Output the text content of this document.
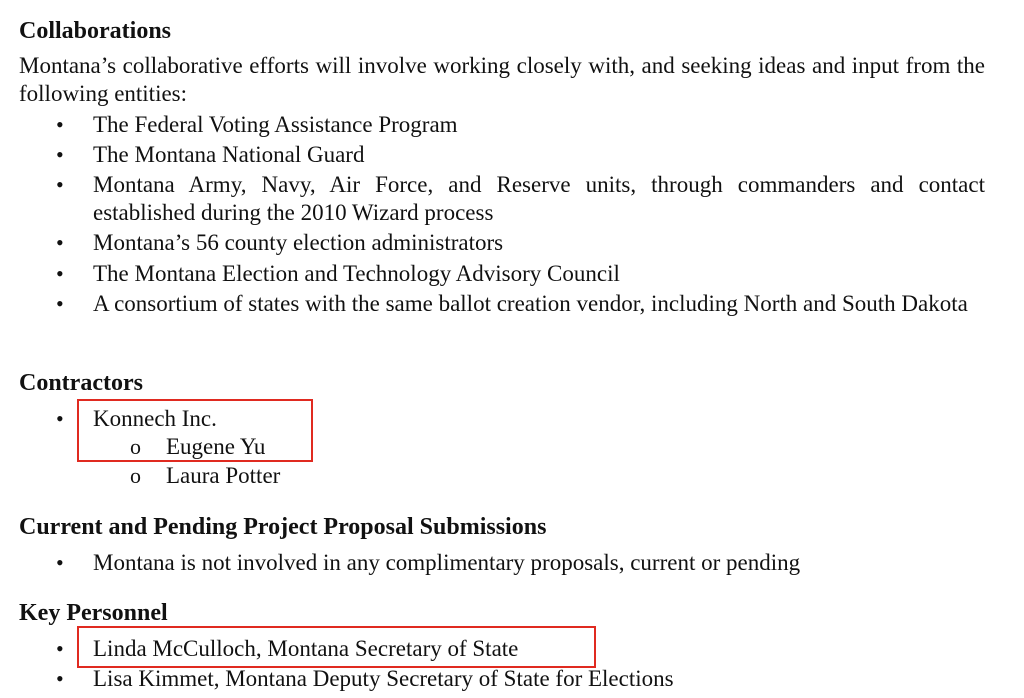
Collaborations
Montana’s collaborative efforts will involve working closely with, and seeking ideas and input from the following entities:
• The Federal Voting Assistance Program
• The Montana National Guard
• Montana Army, Navy, Air Force, and Reserve units, through commanders and contact established during the 2010 Wizard process
• Montana’s 56 county election administrators
• The Montana Election and Technology Advisory Council
• A consortium of states with the same ballot creation vendor, including North and South Dakota
Contractors
• Konnech Inc.
o Eugene Yu
o Laura Potter
Current and Pending Project Proposal Submissions
• Montana is not involved in any complimentary proposals, current or pending
Key Personnel
• Linda McCulloch, Montana Secretary of State
• Lisa Kimmet, Montana Deputy Secretary of State for Elections
